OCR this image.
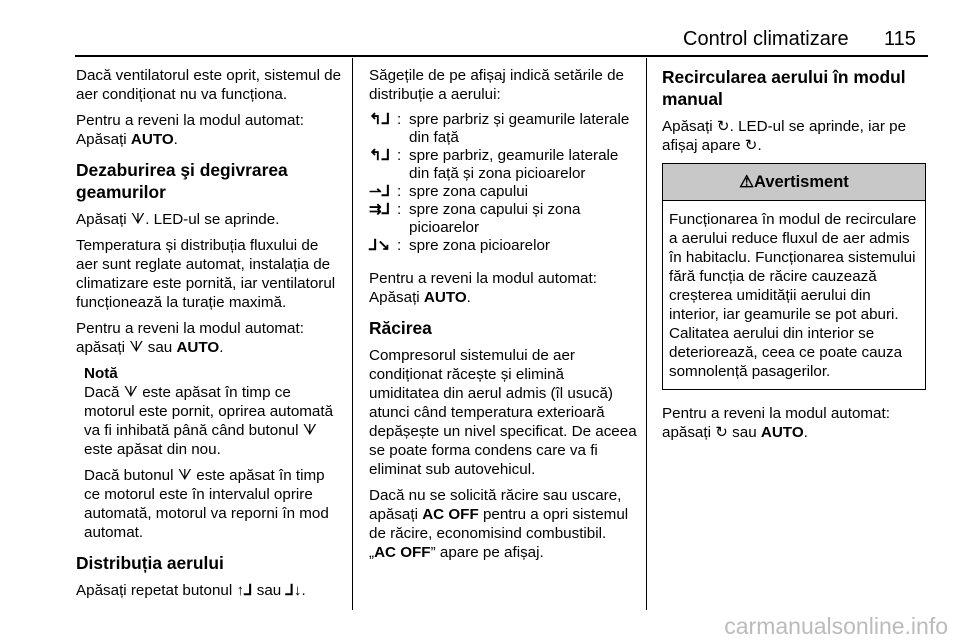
Control climatizare 115

Dacă ventilatorul este oprit, sistemul de aer condiționat nu va funcționa.

Pentru a reveni la modul automat: Apăsați AUTO.

Dezaburirea şi degivrarea geamurilor

Apăsați ᗐ. LED-ul se aprinde.

Temperatura și distribuția fluxului de aer sunt reglate automat, instalația de climatizare este pornită, iar ventilatorul funcționează la turație maximă.

Pentru a reveni la modul automat: apăsați ᗐ sau AUTO.

Notă

Dacă ᗐ este apăsat în timp ce motorul este pornit, oprirea automată va fi inhibată până când butonul ᗐ este apăsat din nou.

Dacă butonul ᗐ este apăsat în timp ce motorul este în intervalul oprire automată, motorul va reporni în mod automat.

Distribuția aerului

Apăsați repetat butonul ↑⅃ sau ⅃↓.

Săgețile de pe afișaj indică setările de distribuție a aerului:

↰⅃ : spre parbriz și geamurile laterale din față
↰⅃ : spre parbriz, geamurile laterale din față și zona picioarelor
⇀⅃ : spre zona capului
⇉⅃ : spre zona capului și zona picioarelor
⅃↘ : spre zona picioarelor

Pentru a reveni la modul automat: Apăsați AUTO.

Răcirea

Compresorul sistemului de aer condiționat răcește și elimină umiditatea din aerul admis (îl usucă) atunci când temperatura exterioară depășește un nivel specificat. De aceea se poate forma condens care va fi eliminat sub autovehicul.

Dacă nu se solicită răcire sau uscare, apăsați AC OFF pentru a opri sistemul de răcire, economisind combustibil. „AC OFF” apare pe afișaj.

Recircularea aerului în modul manual

Apăsați ↻. LED-ul se aprinde, iar pe afișaj apare ↻.

⚠Avertisment
Funcționarea în modul de recirculare a aerului reduce fluxul de aer admis în habitaclu. Funcționarea sistemului fără funcția de răcire cauzează creșterea umidității aerului din interior, iar geamurile se pot aburi. Calitatea aerului din interior se deteriorează, ceea ce poate cauza somnolență pasagerilor.

Pentru a reveni la modul automat: apăsați ↻ sau AUTO.

carmanualsonline.info
